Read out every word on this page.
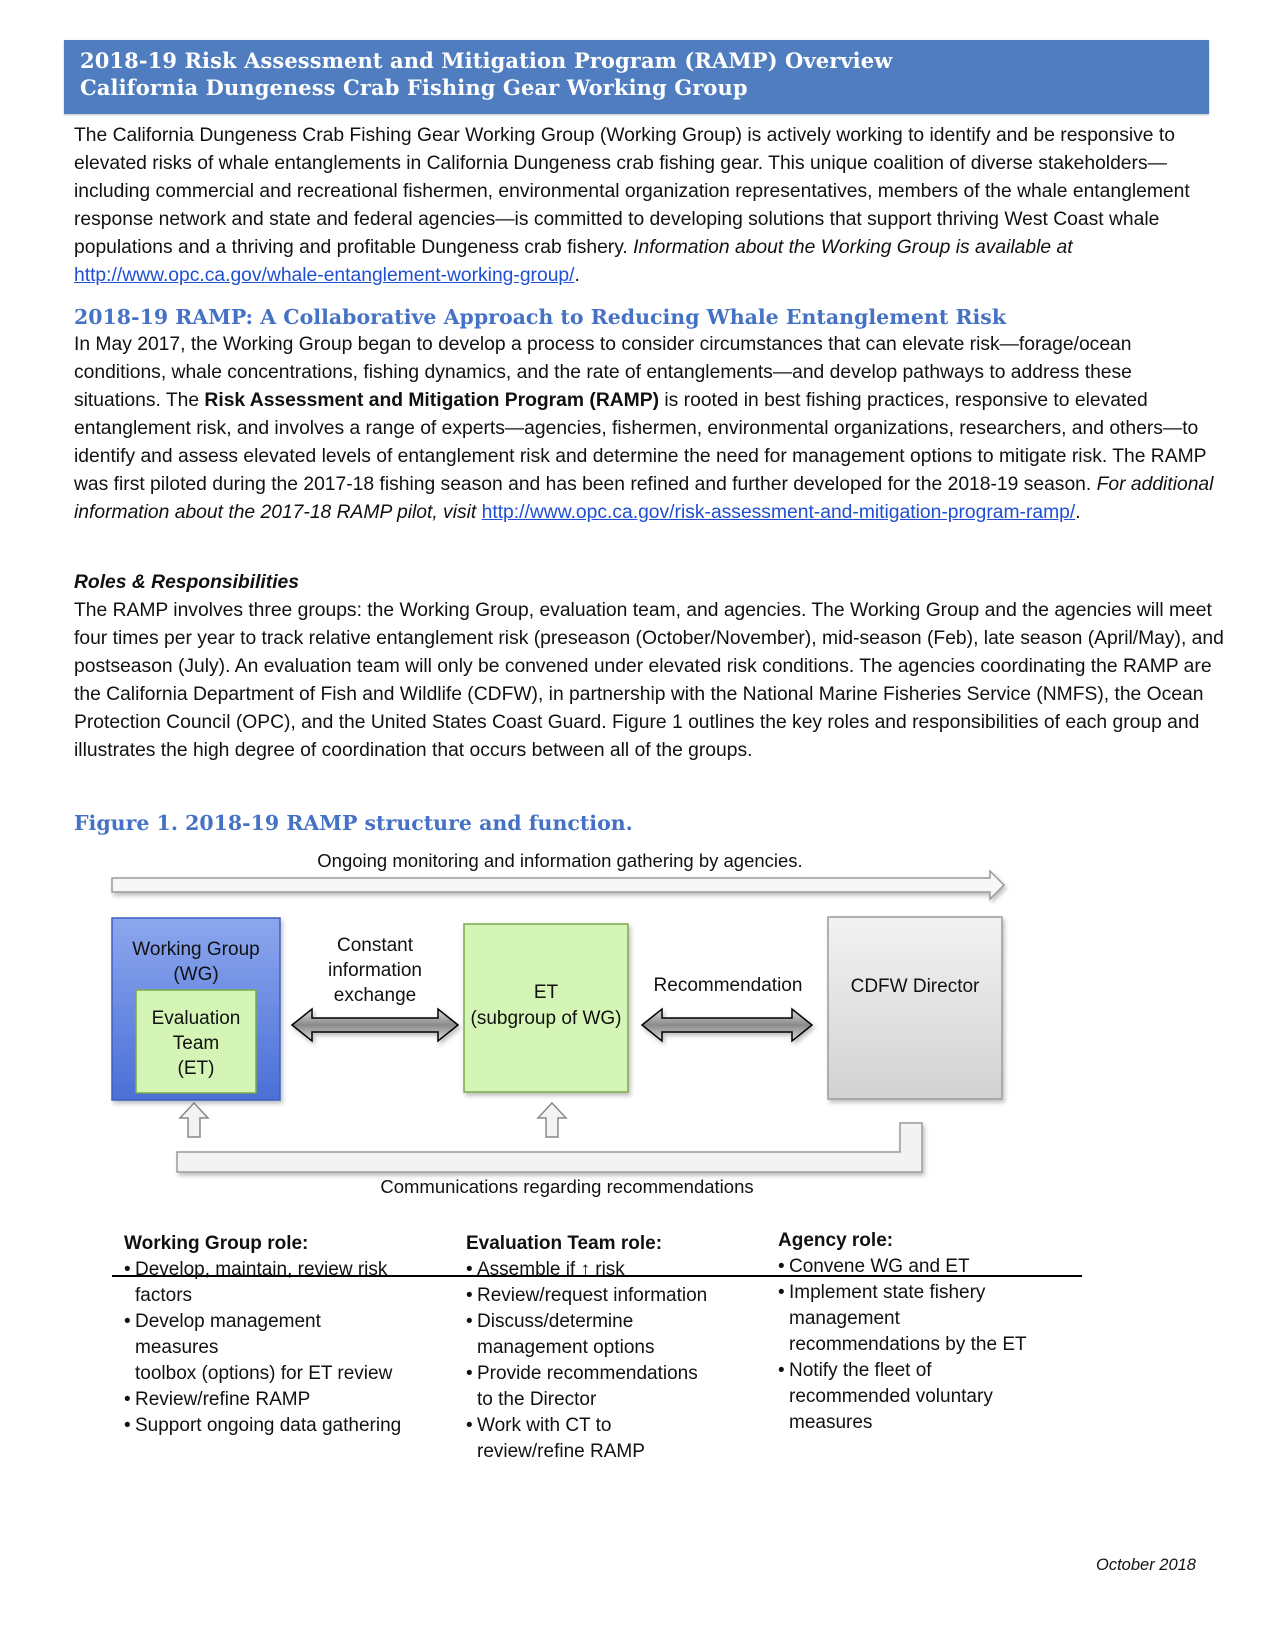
2018-19 Risk Assessment and Mitigation Program (RAMP) Overview
California Dungeness Crab Fishing Gear Working Group

The California Dungeness Crab Fishing Gear Working Group (Working Group) is actively working to identify and be responsive to elevated risks of whale entanglements in California Dungeness crab fishing gear. This unique coalition of diverse stakeholders—including commercial and recreational fishermen, environmental organization representatives, members of the whale entanglement response network and state and federal agencies—is committed to developing solutions that support thriving West Coast whale populations and a thriving and profitable Dungeness crab fishery. Information about the Working Group is available at http://www.opc.ca.gov/whale-entanglement-working-group/.

2018-19 RAMP: A Collaborative Approach to Reducing Whale Entanglement Risk

In May 2017, the Working Group began to develop a process to consider circumstances that can elevate risk—forage/ocean conditions, whale concentrations, fishing dynamics, and the rate of entanglements—and develop pathways to address these situations. The Risk Assessment and Mitigation Program (RAMP) is rooted in best fishing practices, responsive to elevated entanglement risk, and involves a range of experts—agencies, fishermen, environmental organizations, researchers, and others—to identify and assess elevated levels of entanglement risk and determine the need for management options to mitigate risk. The RAMP was first piloted during the 2017-18 fishing season and has been refined and further developed for the 2018-19 season. For additional information about the 2017-18 RAMP pilot, visit http://www.opc.ca.gov/risk-assessment-and-mitigation-program-ramp/.

Roles & Responsibilities

The RAMP involves three groups: the Working Group, evaluation team, and agencies. The Working Group and the agencies will meet four times per year to track relative entanglement risk (preseason (October/November), mid-season (Feb), late season (April/May), and postseason (July). An evaluation team will only be convened under elevated risk conditions. The agencies coordinating the RAMP are the California Department of Fish and Wildlife (CDFW), in partnership with the National Marine Fisheries Service (NMFS), the Ocean Protection Council (OPC), and the United States Coast Guard. Figure 1 outlines the key roles and responsibilities of each group and illustrates the high degree of coordination that occurs between all of the groups.

Figure 1. 2018-19 RAMP structure and function.
Ongoing monitoring and information gathering by agencies.
Working Group
(WG)
Evaluation
Team
(ET)
Constant
information
exchange	ET
(subgroup of WG)
Recommendation	CDFW Director
Communications regarding recommendations
Working Group role:
• Develop, maintain, review risk
factors
• Develop management
measures
toolbox (options) for ET review
• Review/refine RAMP
• Support ongoing data gathering
Evaluation Team role:
• Assemble if ↑ risk
• Review/request information
• Discuss/determine
management options
• Provide recommendations
to the Director
• Work with CT to
review/refine RAMP
Agency role:
• Convene WG and ET
• Implement state fishery
management
recommendations by the ET
• Notify the fleet of
recommended voluntary
measures
October 2018
